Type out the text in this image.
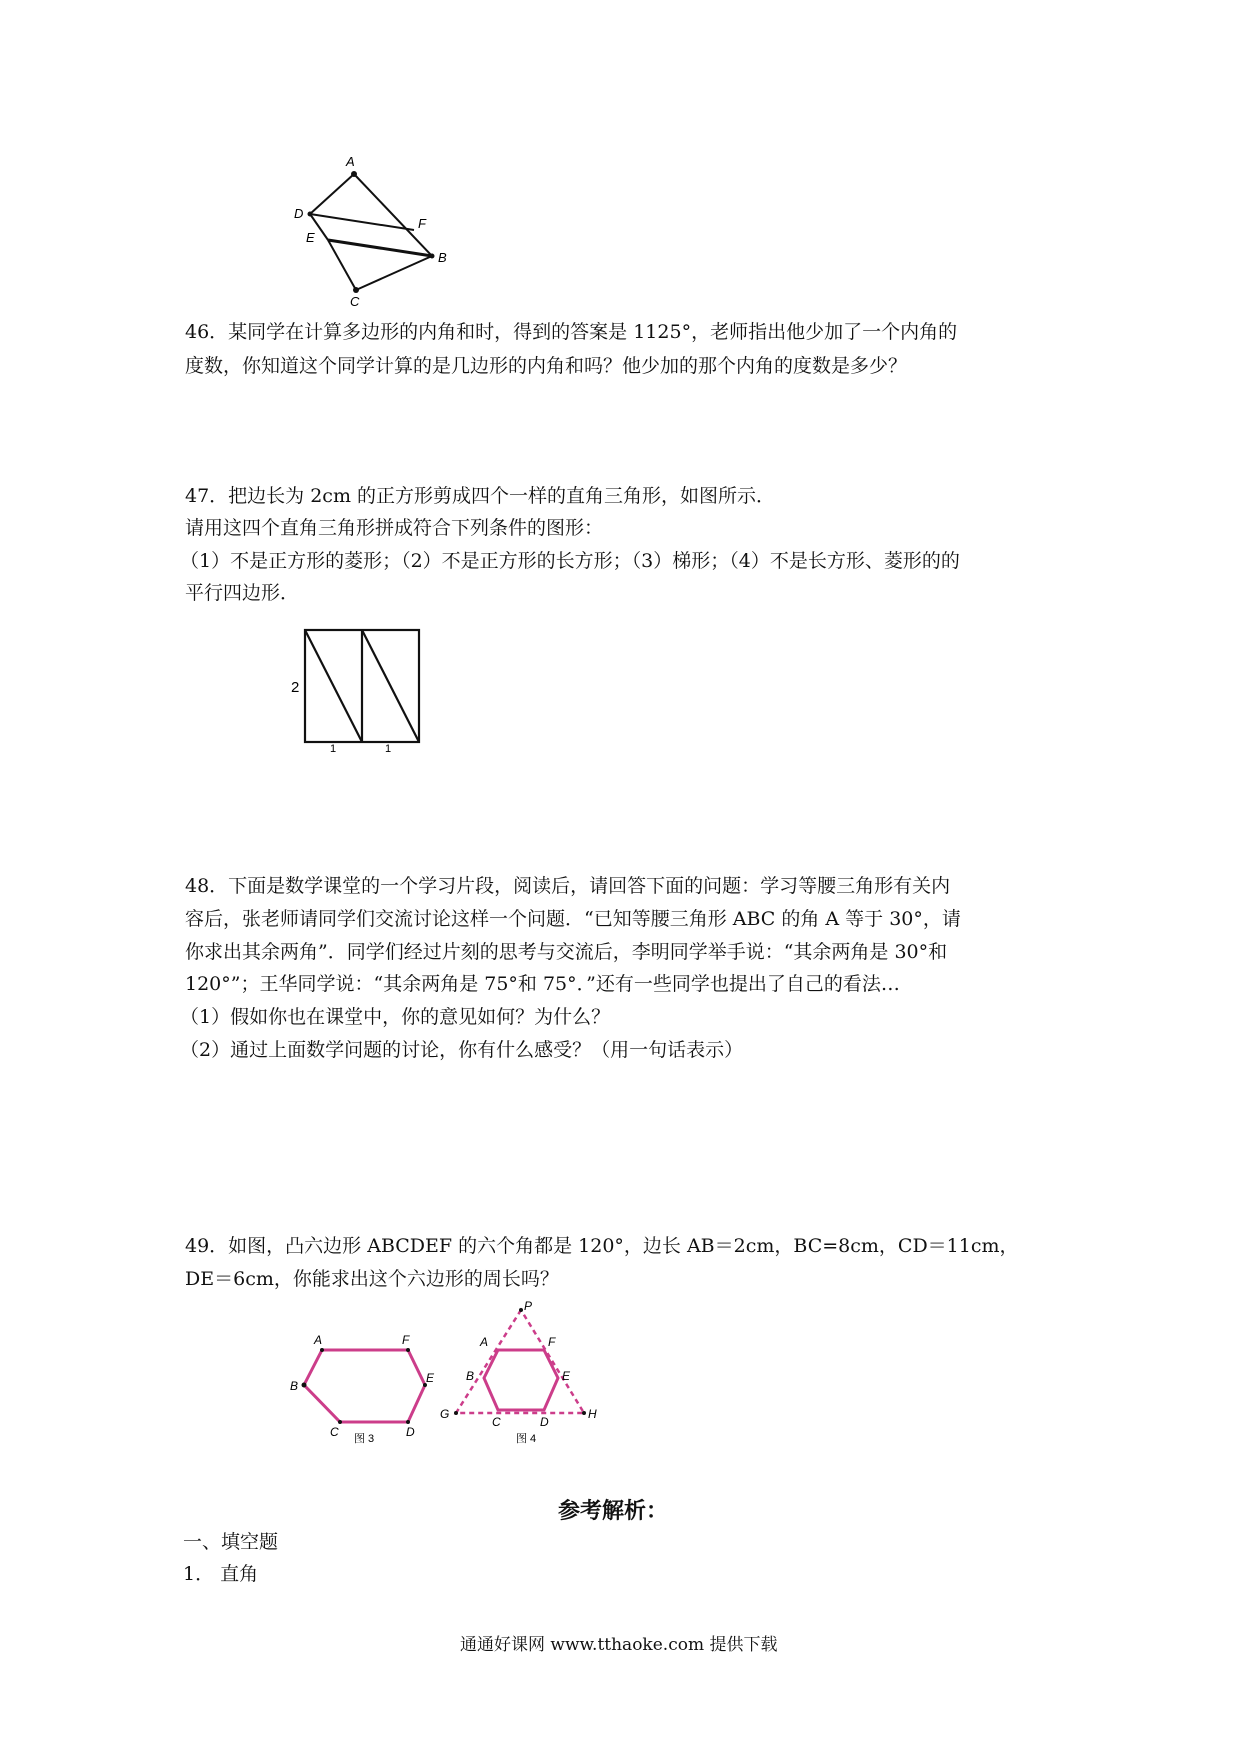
A
D
F
E
B
C
46．某同学在计算多边形的内角和时，得到的答案是 1125°，老师指出他少加了一个内角的
度数，你知道这个同学计算的是几边形的内角和吗？他少加的那个内角的度数是多少？
47．把边长为 2cm 的正方形剪成四个一样的直角三角形，如图所示．
请用这四个直角三角形拼成符合下列条件的图形：
（1）不是正方形的菱形；（2）不是正方形的长方形；（3）梯形；（4）不是长方形、菱形的的
平行四边形．
2
1	1
48．下面是数学课堂的一个学习片段，阅读后，请回答下面的问题：学习等腰三角形有关内
容后，张老师请同学们交流讨论这样一个问题．“已知等腰三角形 ABC 的角 A 等于 30°，请
你求出其余两角”．同学们经过片刻的思考与交流后，李明同学举手说：“其余两角是 30°和
120°”；王华同学说：“其余两角是 75°和 75°．”还有一些同学也提出了自己的看法…
（1）假如你也在课堂中，你的意见如何？为什么？
（2）通过上面数学问题的讨论，你有什么感受？（用一句话表示）
49．如图，凸六边形 ABCDEF 的六个角都是 120°，边长 AB＝2cm，BC=8cm，CD＝11cm，
DE＝6cm，你能求出这个六边形的周长吗？
A	F
B
E
C	D
图 3
P
A	F
B	E
G	H
C	D
图 4
参考解析：
一、填空题
1． 直角
通通好课网 www.tthaoke.com 提供下载
